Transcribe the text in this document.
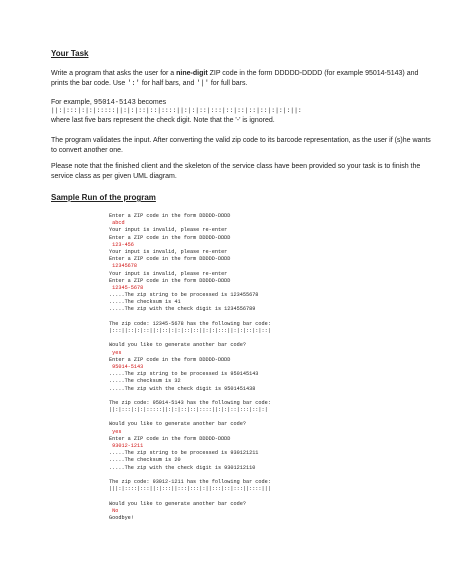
Your Task
Write a program that asks the user for a nine-digit ZIP code in the form DDDDD-DDDD (for example 95014-5143) and prints the bar code. Use ':' for half bars, and '|' for full bars.
For example, 95014-5143 becomes
||:|:::|:|:|:::::||:|:|::|::|::::||:|:|::|:::|::|::|::|::|:|:|:||:
where last five bars represent the check digit. Note that the '-' is ignored.
The program validates the input. After converting the valid zip code to its barcode representation, as the user if (s)he wants to convert another one.
Please note that the finished client and the skeleton of the service class have been provided so your task is to finish the service class as per given UML diagram.
Sample Run of the program
Enter a ZIP code in the form DDDDD-DDDD
abcd
Your input is invalid, please re-enter
Enter a ZIP code in the form DDDDD-DDDD
123-456
Your input is invalid, please re-enter
Enter a ZIP code in the form DDDDD-DDDD
12345678
Your input is invalid, please re-enter
Enter a ZIP code in the form DDDDD-DDDD
12345-5678
.....The zip string to be processed is 123455678
.....The checksum is 41
.....The zip with the check digit is 1234556789
The zip code: 12345-5678 has the following bar code:
|:::||::|:|::||:|::|:|:|::|::||:|:|:::||:|:|::|:|::|
Would you like to generate another bar code?
yes
Enter a ZIP code in the form DDDDD-DDDD
95014-5143
.....The zip string to be processed is 950145143
.....The checksum is 32
.....The zip with the check digit is 9501451438
The zip code: 95014-5143 has the following bar code:
||:|:::|:|:|:::::||:|:|::|::|::::||:|:|::|:::|::|:|
Would you like to generate another bar code?
yes
Enter a ZIP code in the form DDDDD-DDDD
93012-1211
.....The zip string to be processed is 930121211
.....The checksum is 20
.....The zip with the check digit is 9301212110
The zip code: 93012-1211 has the following bar code:
|||:|::::|:::||:|:::||:::|:::|:||:::|::|:::||::::|||
Would you like to generate another bar code?
No
Goodbye!
